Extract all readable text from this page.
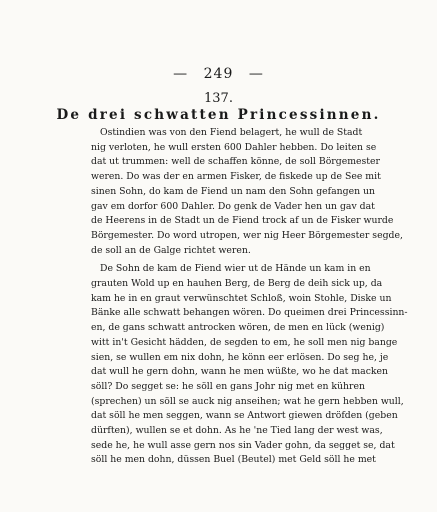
— 249 —
137.
De drei schwatten Princessinnen.
Ostindien was von den Fiend belagert, he wull de Stadt
nig verloten, he wull ersten 600 Dahler hebben. Do leiten se
dat ut trummen: well de schaffen könne, de soll Börgemester
weren. Do was der en armen Fisker, de fiskede up de See mit
sinen Sohn, do kam de Fiend un nam den Sohn gefangen un
gav em dorfor 600 Dahler. Do genk de Vader hen un gav dat
de Heerens in de Stadt un de Fiend trock af un de Fisker wurde
Börgemester. Do word utropen, wer nig Heer Börgemester segde,
de soll an de Galge richtet weren.
De Sohn de kam de Fiend wier ut de Hände un kam in en
grauten Wold up en hauhen Berg, de Berg de deih sick up, da
kam he in en graut verwünschtet Schloß, woin Stohle, Diske un
Bänke alle schwatt behangen wören. Do queimen drei Princessinn-
en, de gans schwatt antrocken wören, de men en lück (wenig)
witt in't Gesicht hädden, de segden to em, he soll men nig bange
sien, se wullen em nix dohn, he könn eer erlösen. Do seg he, je
dat wull he gern dohn, wann he men wüßte, wo he dat macken
söll? Do segget se: he söll en gans Johr nig met en kühren
(sprechen) un söll se auck nig anseihen; wat he gern hebben wull,
dat söll he men seggen, wann se Antwort giewen dröfden (geben
dürften), wullen se et dohn. As he 'ne Tied lang der west was,
sede he, he wull asse gern nos sin Vader gohn, da segget se, dat
söll he men dohn, düssen Buel (Beutel) met Geld söll he met
